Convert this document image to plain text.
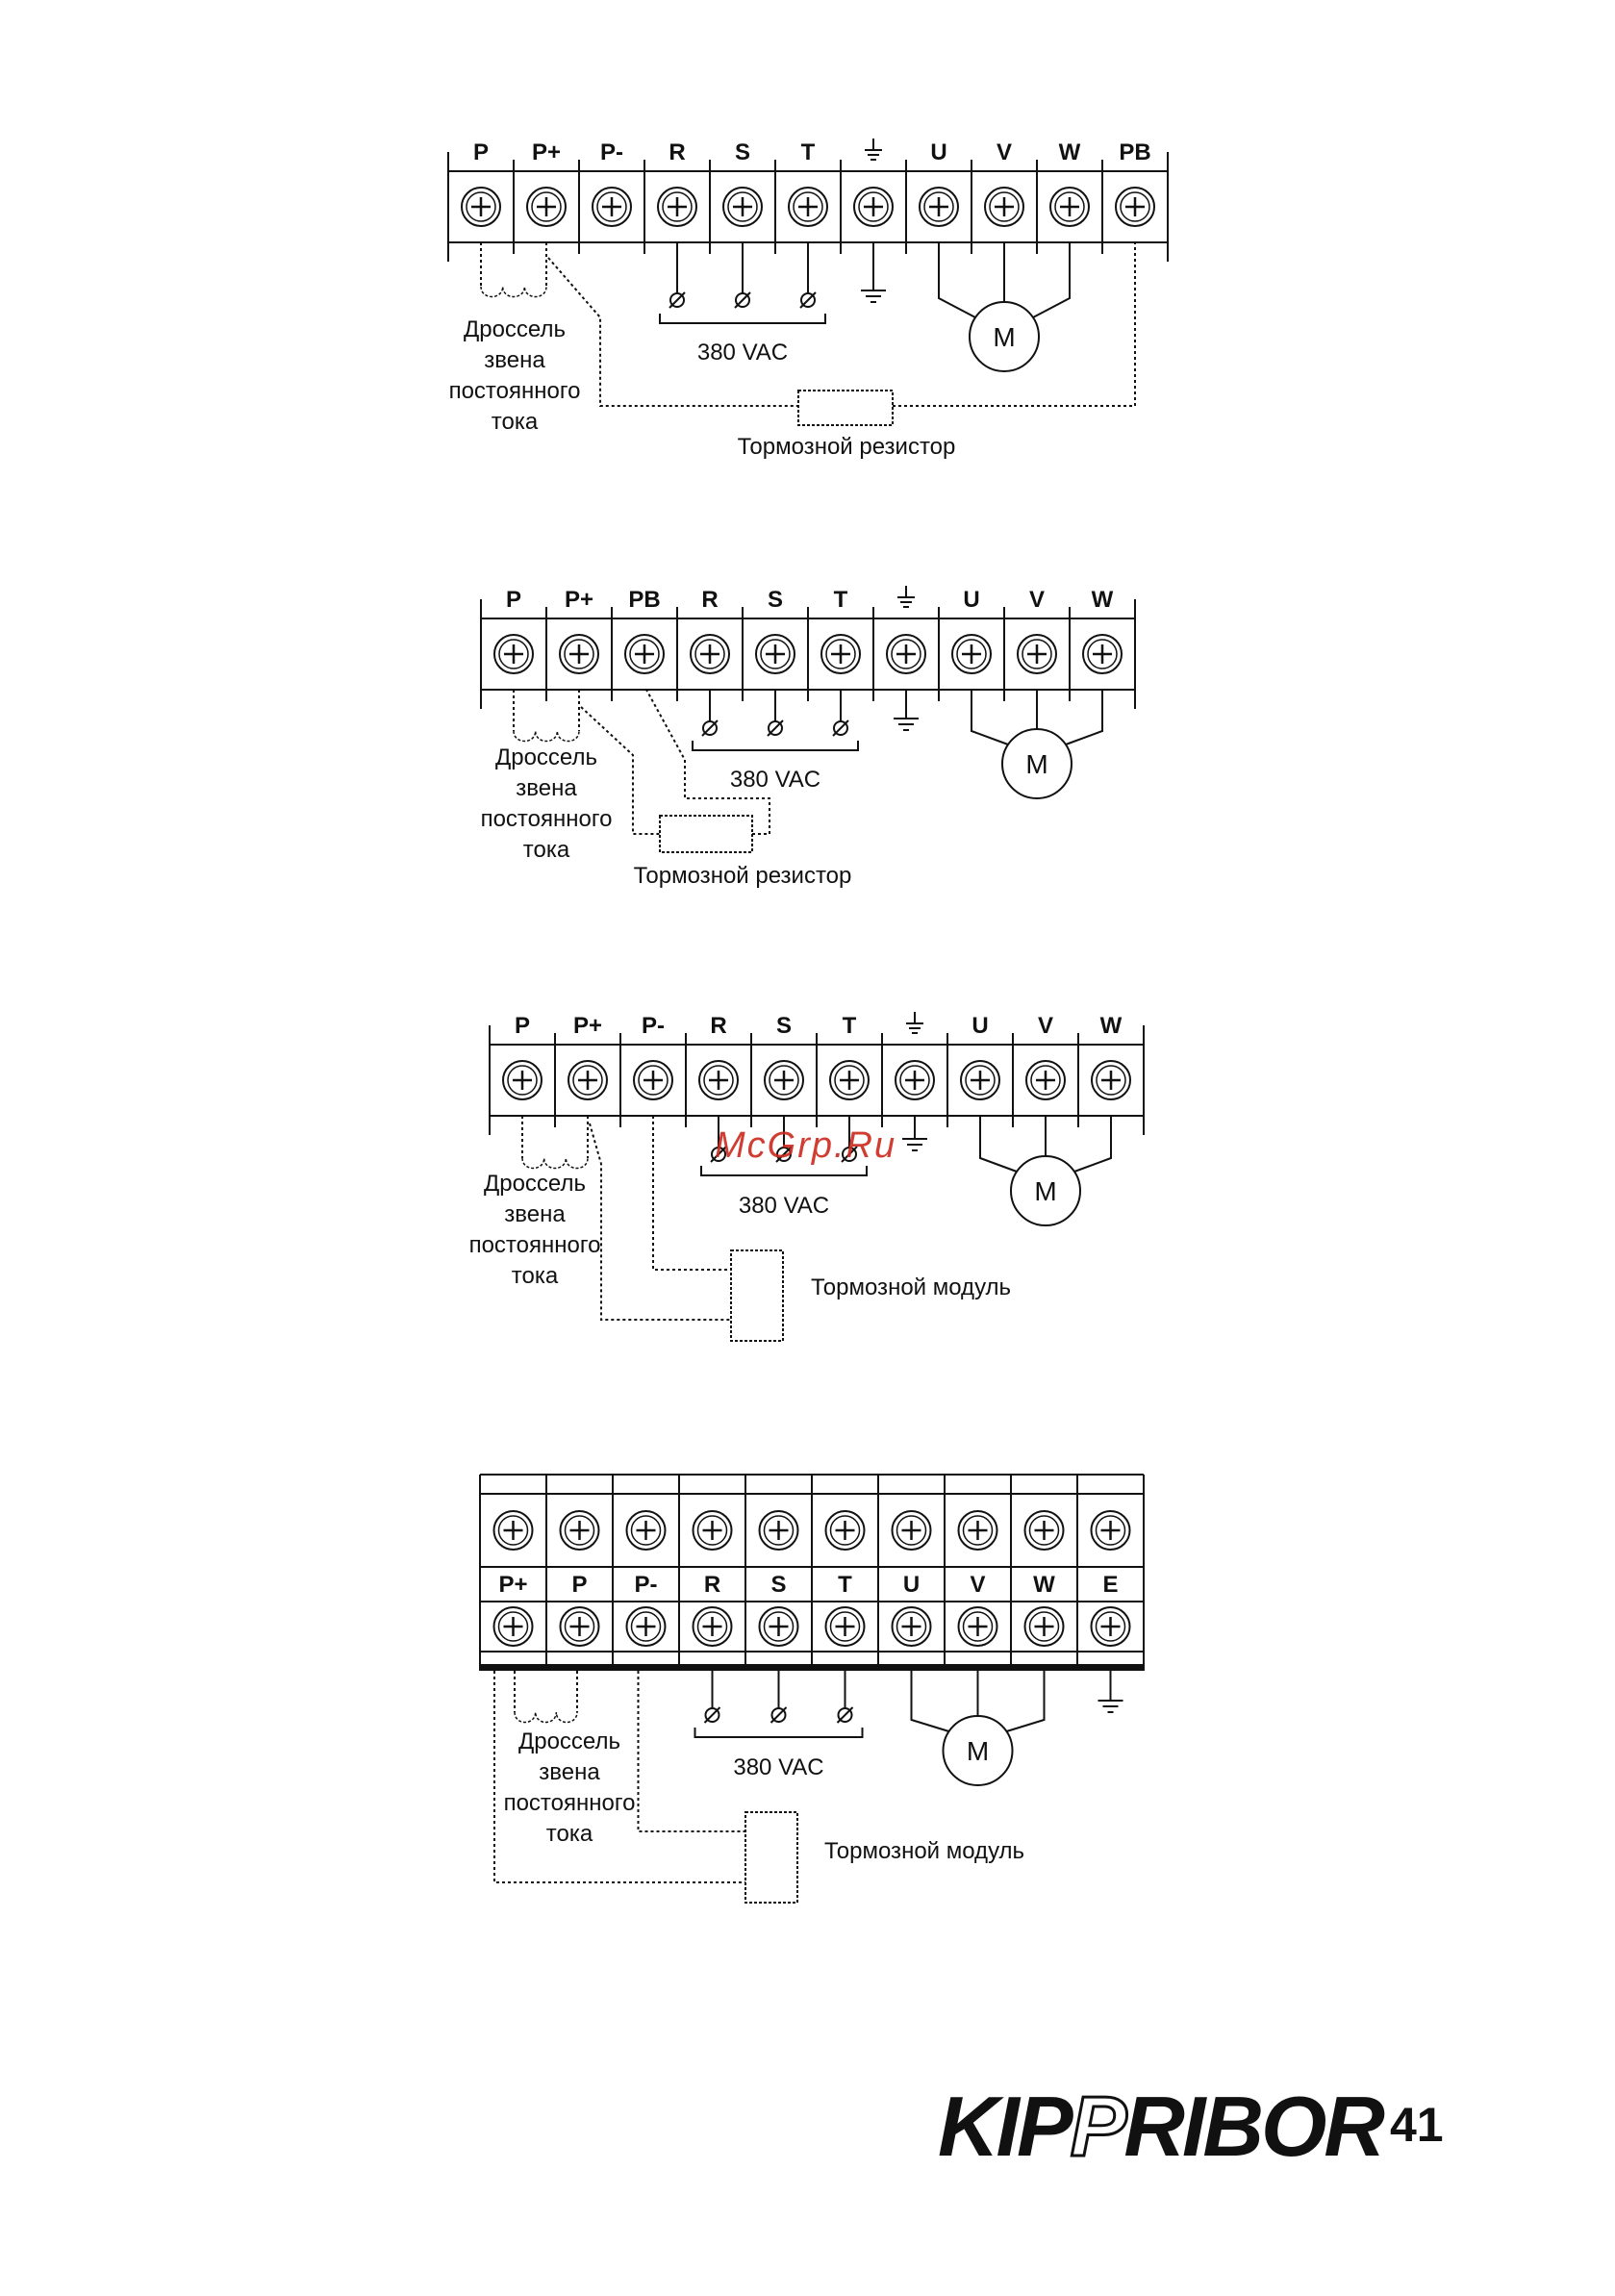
P P+ P- R S T	U V W PB
Дроссель
звена
постоянного
тока
380 VAC
M
Тормозной резистор
P P+ PB R S T	U V W
Дроссель
звена
постоянного
тока
380 VAC
M
Тормозной резистор
P P+ P- R S T	U V W
Дроссель
звена
постоянного
тока
380 VAC	M
Тормозной модуль
P+ P P- R S T U V W E
Дроссель
звена
постоянного
тока
380 VAC
M
Тормозной модуль
McGrp.Ru
KIPPRIBOR 41
